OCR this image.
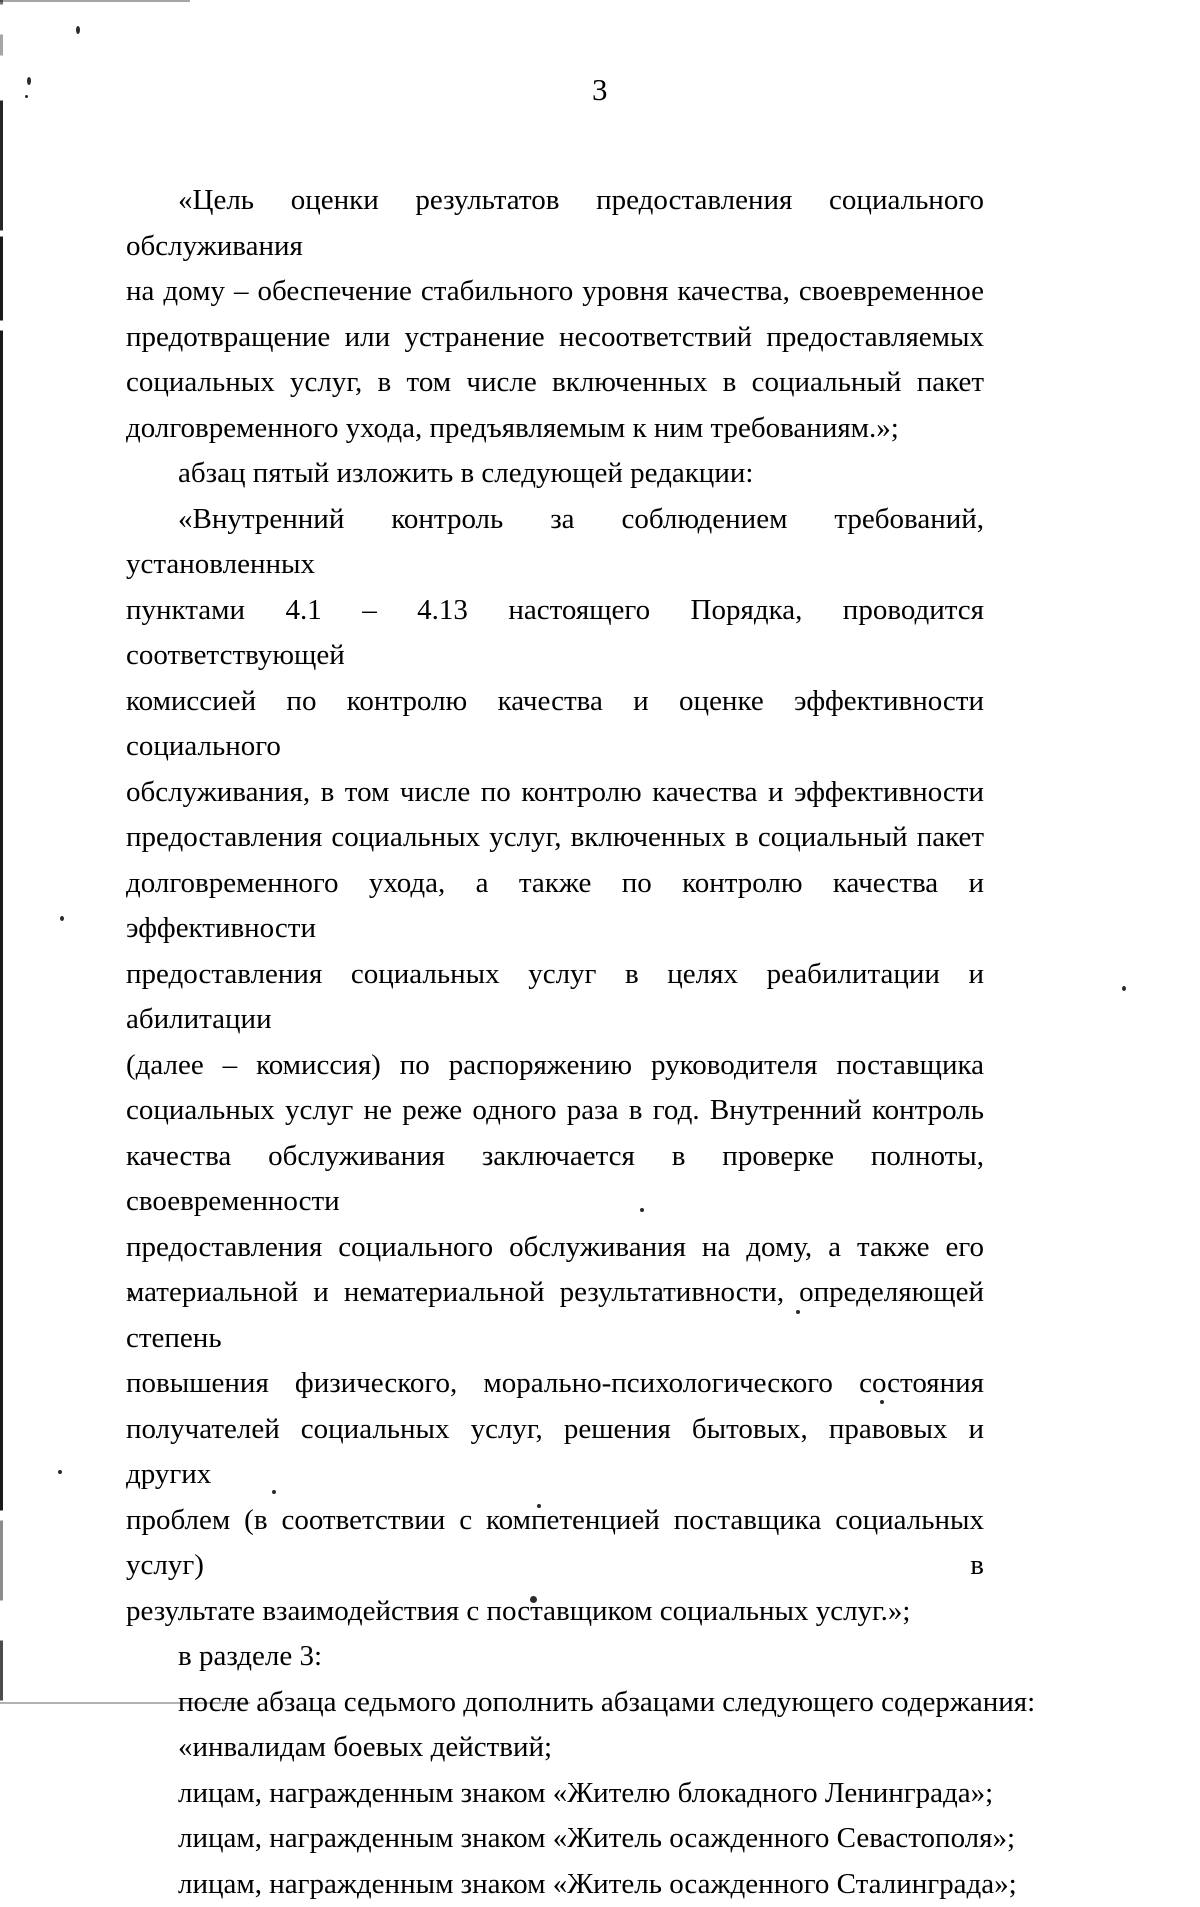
3

«Цель оценки результатов предоставления социального обслуживания
на дому – обеспечение стабильного уровня качества, своевременное
предотвращение или устранение несоответствий предоставляемых
социальных услуг, в том числе включенных в социальный пакет
долговременного ухода, предъявляемым к ним требованиям.»;

абзац пятый изложить в следующей редакции:

«Внутренний контроль за соблюдением требований, установленных
пунктами 4.1 – 4.13 настоящего Порядка, проводится соответствующей
комиссией по контролю качества и оценке эффективности социального
обслуживания, в том числе по контролю качества и эффективности
предоставления социальных услуг, включенных в социальный пакет
долговременного ухода, а также по контролю качества и эффективности
предоставления социальных услуг в целях реабилитации и абилитации
(далее – комиссия) по распоряжению руководителя поставщика
социальных услуг не реже одного раза в год. Внутренний контроль
качества обслуживания заключается в проверке полноты, своевременности
предоставления социального обслуживания на дому, а также его
материальной и нематериальной результативности, определяющей степень
повышения физического, морально-психологического состояния
получателей социальных услуг, решения бытовых, правовых и других
проблем (в соответствии с компетенцией поставщика социальных услуг) в
результате взаимодействия с поставщиком социальных услуг.»;

в разделе 3:

после абзаца седьмого дополнить абзацами следующего содержания:

«инвалидам боевых действий;

лицам, награжденным знаком «Жителю блокадного Ленинграда»;

лицам, награжденным знаком «Житель осажденного Севастополя»;

лицам, награжденным знаком «Житель осажденного Сталинграда»;
